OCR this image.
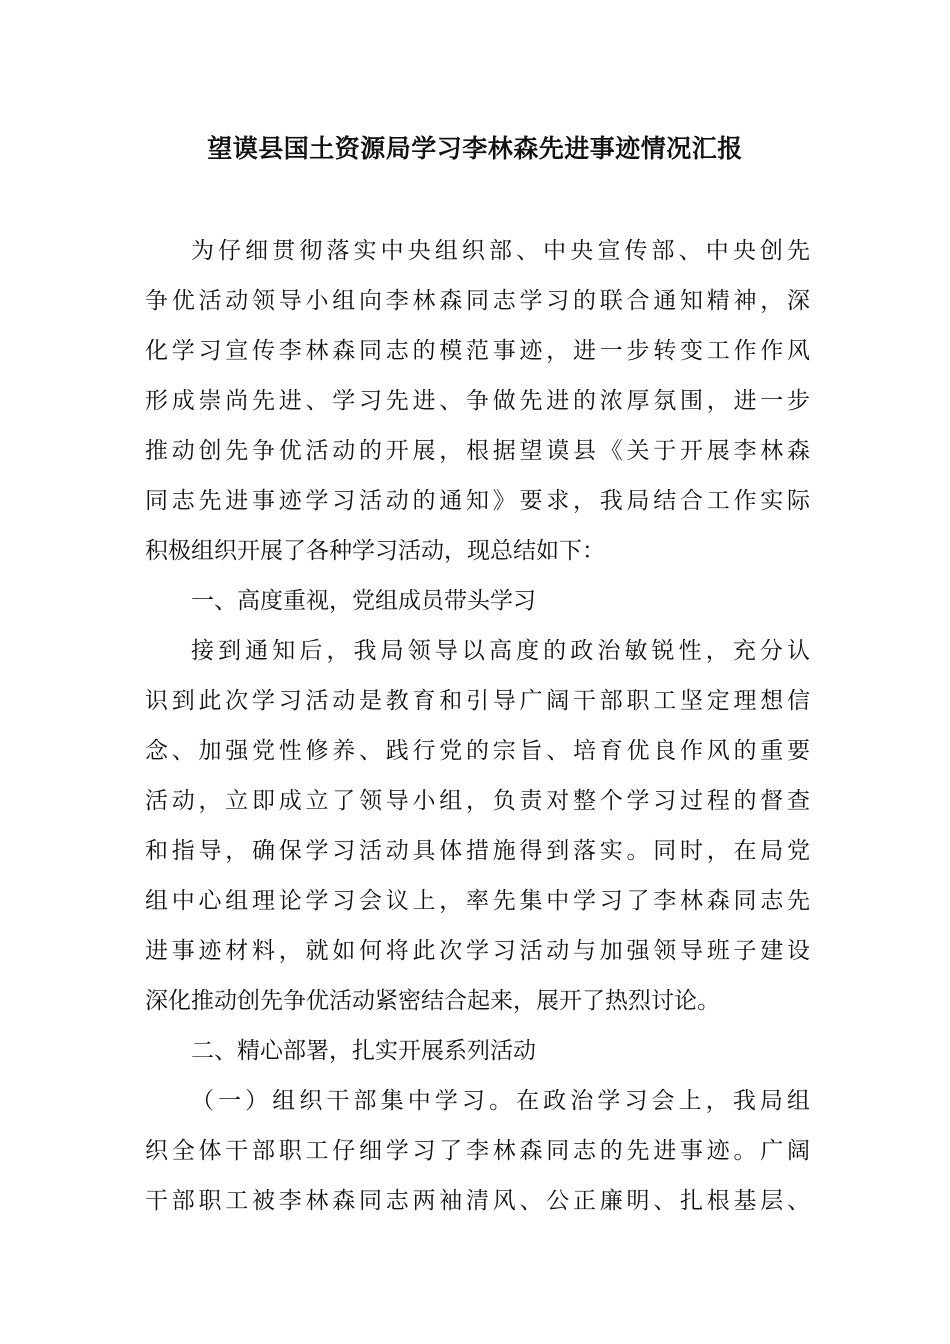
望谟县国土资源局学习李林森先进事迹情况汇报
为仔细贯彻落实中央组织部、中央宣传部、中央创先
争优活动领导小组向李林森同志学习的联合通知精神，深
化学习宣传李林森同志的模范事迹，进一步转变工作作风
形成崇尚先进、学习先进、争做先进的浓厚氛围，进一步
推动创先争优活动的开展，根据望谟县《关于开展李林森
同志先进事迹学习活动的通知》要求，我局结合工作实际
积极组织开展了各种学习活动，现总结如下：
一、高度重视，党组成员带头学习
接到通知后，我局领导以高度的政治敏锐性，充分认
识到此次学习活动是教育和引导广阔干部职工坚定理想信
念、加强党性修养、践行党的宗旨、培育优良作风的重要
活动，立即成立了领导小组，负责对整个学习过程的督查
和指导，确保学习活动具体措施得到落实。同时，在局党
组中心组理论学习会议上，率先集中学习了李林森同志先
进事迹材料，就如何将此次学习活动与加强领导班子建设
深化推动创先争优活动紧密结合起来，展开了热烈讨论。
二、精心部署，扎实开展系列活动
（一）组织干部集中学习。在政治学习会上，我局组
织全体干部职工仔细学习了李林森同志的先进事迹。广阔
干部职工被李林森同志两袖清风、公正廉明、扎根基层、
